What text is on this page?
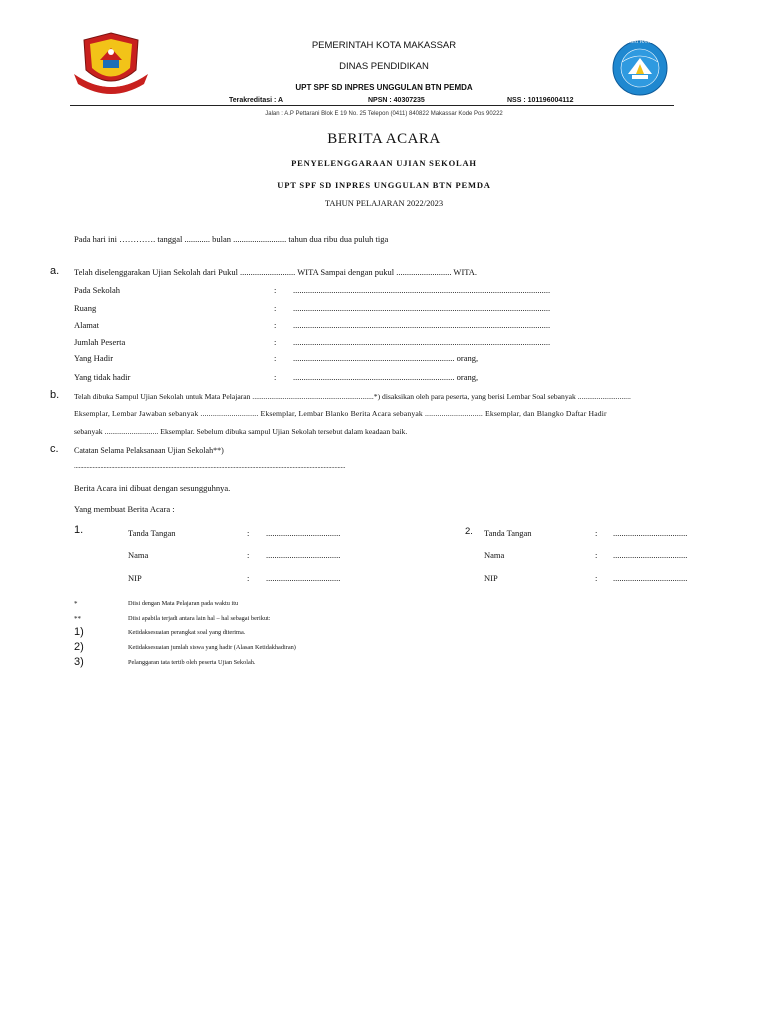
TUT WURI HANDAYANI
PEMERINTAH KOTA MAKASSAR
DINAS PENDIDIKAN
UPT SPF SD INPRES UNGGULAN BTN PEMDA
Terakreditasi : A	NPSN : 40307235	NSS : 101196004112
Jalan : A.P Pettarani Blok E 19 No. 25 Telepon (0411) 840822 Makassar Kode Pos 90222
BERITA ACARA
PENYELENGGARAAN UJIAN SEKOLAH
UPT SPF SD INPRES UNGGULAN BTN PEMDA
TAHUN PELAJARAN 2022/2023
Pada hari ini …………. tanggal ............ bulan ......................... tahun dua ribu dua puluh tiga
a. Telah diselenggarakan Ujian Sekolah dari Pukul .......................... WITA Sampai dengan pukul .......................... WITA.
Pada Sekolah	: .........................................................................................................................
Ruang	: .........................................................................................................................
Alamat	: .........................................................................................................................
Jumlah Peserta	: .........................................................................................................................
Yang Hadir	: ............................................................................ orang,
Yang tidak hadir	: ............................................................................ orang,
b. Telah dibuka Sampul Ujian Sekolah untuk Mata Pelajaran ................................................................*) disaksikan oleh para peserta, yang berisi Lembar Soal sebanyak ............................
Eksemplar, Lembar Jawaban sebanyak ............................ Eksemplar, Lembar Blanko Berita Acara sebanyak ............................ Eksemplar, dan Blangko Daftar Hadir
sebanyak ............................ Eksemplar. Sebelum dibuka sampul Ujian Sekolah tersebut dalam keadaan baik.
c. Catatan Selama Pelaksanaan Ujian Sekolah**)
...............................................................................................................................................................................
Berita Acara ini dibuat dengan sesungguhnya.
Yang membuat Berita Acara :
1.	Tanda Tangan	: ...................................
Nama	: ...................................
NIP	: ...................................
2. Tanda Tangan	: ...................................
Nama	: ...................................
NIP	: ...................................
*	Diisi dengan Mata Pelajaran pada waktu itu
**	Diisi apabila terjadi antara lain hal – hal sebagai berikut:
1)	Ketidaksesuaian perangkat soal yang diterima.
2)	Ketidaksesuaian jumlah siswa yang hadir (Alasan Ketidakhadiran)
3)	Pelanggaran tata tertib oleh peserta Ujian Sekolah.
